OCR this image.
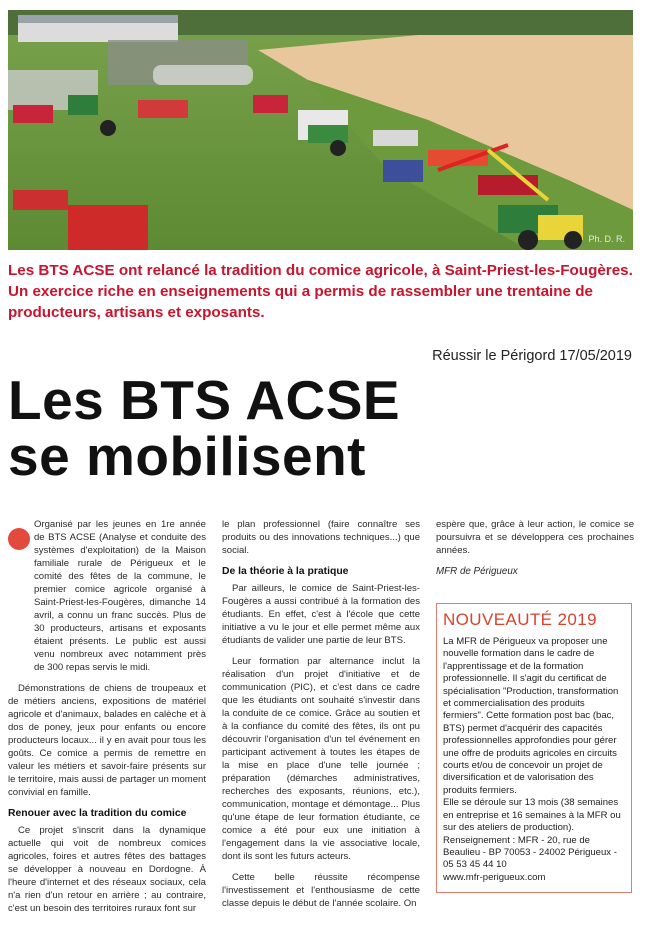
Ph. D. R.

Les BTS ACSE ont relancé la tradition du comice agricole, à Saint-Priest-les-Fougères. Un exercice riche en enseignements qui a permis de rassembler une trentaine de producteurs, artisans et exposants.

Réussir le Périgord 17/05/2019

Les BTS ACSE
se mobilisent

Organisé par les jeunes en 1re année de BTS ACSE (Analyse et conduite des systèmes d'exploitation) de la Maison familiale rurale de Périgueux et le comité des fêtes de la commune, le premier comice agricole organisé à Saint-Priest-les-Fougères, dimanche 14 avril, a connu un franc succès. Plus de 30 producteurs, artisans et exposants étaient présents. Le public est aussi venu nombreux avec notamment près de 300 repas servis le midi.

Démonstrations de chiens de troupeaux et de métiers anciens, expositions de matériel agricole et d'animaux, balades en calèche et à dos de poney, jeux pour enfants ou encore producteurs locaux... il y en avait pour tous les goûts. Ce comice a permis de remettre en valeur les métiers et savoir-faire présents sur le territoire, mais aussi de partager un moment convivial en famille.

Renouer avec la tradition du comice

Ce projet s'inscrit dans la dynamique actuelle qui voit de nombreux comices agricoles, foires et autres fêtes des battages se développer à nouveau en Dordogne. À l'heure d'internet et des réseaux sociaux, cela n'a rien d'un retour en arrière ; au contraire, c'est un besoin des territoires ruraux font sur

le plan professionnel (faire connaître ses produits ou des innovations techniques...) que social.

De la théorie à la pratique

Par ailleurs, le comice de Saint-Priest-les-Fougères a aussi contribué à la formation des étudiants. En effet, c'est à l'école que cette initiative a vu le jour et elle permet même aux étudiants de valider une partie de leur BTS.

Leur formation par alternance inclut la réalisation d'un projet d'initiative et de communication (PIC), et c'est dans ce cadre que les étudiants ont souhaité s'investir dans la conduite de ce comice. Grâce au soutien et à la confiance du comité des fêtes, ils ont pu découvrir l'organisation d'un tel événement en participant activement à toutes les étapes de la mise en place d'une telle journée ; préparation (démarches administratives, recherches des exposants, réunions, etc.), communication, montage et démontage... Plus qu'une étape de leur formation étudiante, ce comice a été pour eux une initiation à l'engagement dans la vie associative locale, dont ils sont les futurs acteurs.

Cette belle réussite récompense l'investissement et l'enthousiasme de cette classe depuis le début de l'année scolaire. On

espère que, grâce à leur action, le comice se poursuivra et se développera ces prochaines années.

MFR de Périgueux

NOUVEAUTÉ 2019

La MFR de Périgueux va proposer une nouvelle formation dans le cadre de l'apprentissage et de la formation professionnelle. Il s'agit du certificat de spécialisation "Production, transformation et commercialisation des produits fermiers". Cette formation post bac (bac, BTS) permet d'acquérir des capacités professionnelles approfondies pour gérer une offre de produits agricoles en circuits courts et/ou de concevoir un projet de diversification et de valorisation des produits fermiers.

Elle se déroule sur 13 mois (38 semaines en entreprise et 16 semaines à la MFR ou sur des ateliers de production).

Renseignement : MFR - 20, rue de Beaulieu - BP 70053 - 24002 Périgueux - 05 53 45 44 10

www.mfr-perigueux.com
